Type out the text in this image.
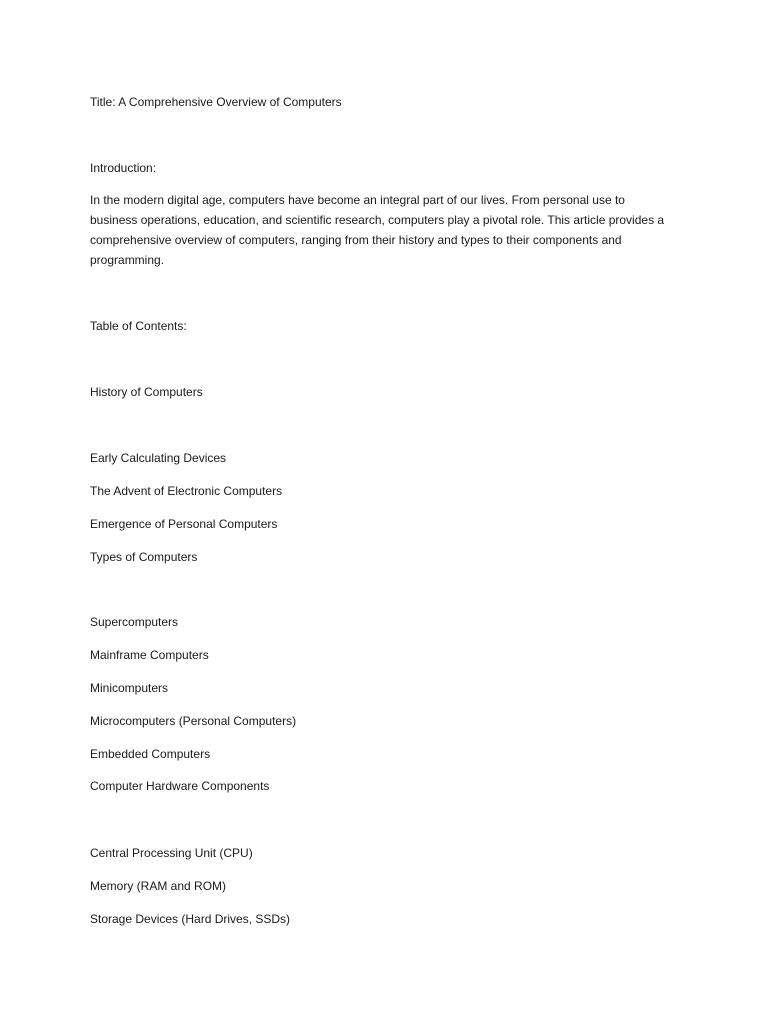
Title: A Comprehensive Overview of Computers

Introduction:

In the modern digital age, computers have become an integral part of our lives. From personal use to business operations, education, and scientific research, computers play a pivotal role. This article provides a comprehensive overview of computers, ranging from their history and types to their components and programming.

Table of Contents:

History of Computers

Early Calculating Devices

The Advent of Electronic Computers

Emergence of Personal Computers

Types of Computers

Supercomputers

Mainframe Computers

Minicomputers

Microcomputers (Personal Computers)

Embedded Computers

Computer Hardware Components

Central Processing Unit (CPU)

Memory (RAM and ROM)

Storage Devices (Hard Drives, SSDs)
